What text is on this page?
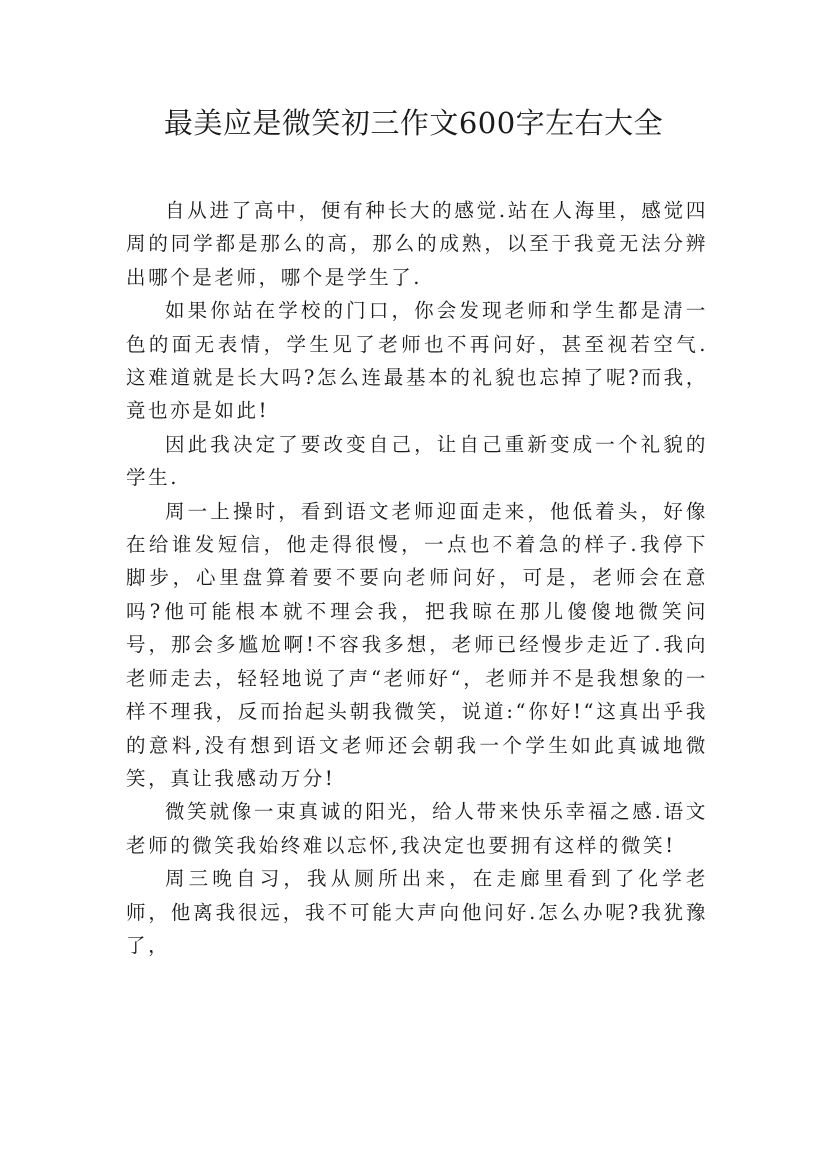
最美应是微笑初三作文600字左右大全

自从进了高中，便有种长大的感觉.站在人海里，感觉四周的同学都是那么的高，那么的成熟，以至于我竟无法分辨出哪个是老师，哪个是学生了.

如果你站在学校的门口，你会发现老师和学生都是清一色的面无表情，学生见了老师也不再问好，甚至视若空气.这难道就是长大吗?怎么连最基本的礼貌也忘掉了呢?而我，竟也亦是如此!

因此我决定了要改变自己，让自己重新变成一个礼貌的学生.

周一上操时，看到语文老师迎面走来，他低着头，好像在给谁发短信，他走得很慢，一点也不着急的样子.我停下脚步，心里盘算着要不要向老师问好，可是，老师会在意吗?他可能根本就不理会我，把我晾在那儿傻傻地微笑问号，那会多尴尬啊!不容我多想，老师已经慢步走近了.我向老师走去，轻轻地说了声“老师好“，老师并不是我想象的一样不理我，反而抬起头朝我微笑，说道:“你好!“这真出乎我的意料,没有想到语文老师还会朝我一个学生如此真诚地微笑，真让我感动万分!

微笑就像一束真诚的阳光，给人带来快乐幸福之感.语文老师的微笑我始终难以忘怀,我决定也要拥有这样的微笑!

周三晚自习，我从厕所出来，在走廊里看到了化学老师，他离我很远，我不可能大声向他问好.怎么办呢?我犹豫了，
